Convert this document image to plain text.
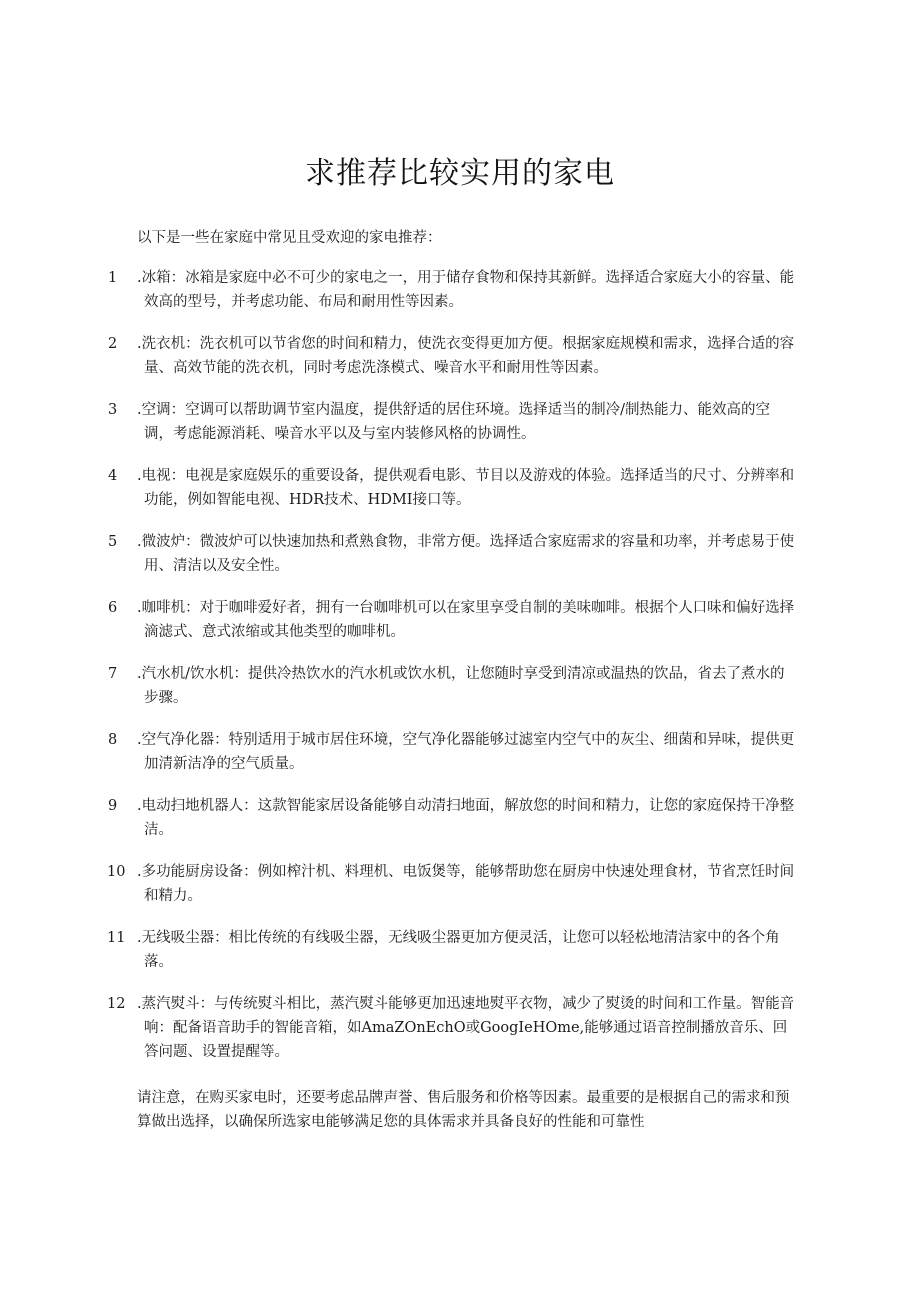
求推荐比较实用的家电

以下是一些在家庭中常见且受欢迎的家电推荐：

1 .冰箱：冰箱是家庭中必不可少的家电之一，用于储存食物和保持其新鲜。选择适合家庭大小的容量、能效高的型号，并考虑功能、布局和耐用性等因素。
2 .洗衣机：洗衣机可以节省您的时间和精力，使洗衣变得更加方便。根据家庭规模和需求，选择合适的容量、高效节能的洗衣机，同时考虑洗涤模式、噪音水平和耐用性等因素。
3 .空调：空调可以帮助调节室内温度，提供舒适的居住环境。选择适当的制冷/制热能力、能效高的空调，考虑能源消耗、噪音水平以及与室内装修风格的协调性。
4 .电视：电视是家庭娱乐的重要设备，提供观看电影、节目以及游戏的体验。选择适当的尺寸、分辨率和功能，例如智能电视、HDR技术、HDMI接口等。
5 .微波炉：微波炉可以快速加热和煮熟食物，非常方便。选择适合家庭需求的容量和功率，并考虑易于使用、清洁以及安全性。
6 .咖啡机：对于咖啡爱好者，拥有一台咖啡机可以在家里享受自制的美味咖啡。根据个人口味和偏好选择滴滤式、意式浓缩或其他类型的咖啡机。
7 .汽水机/饮水机：提供冷热饮水的汽水机或饮水机，让您随时享受到清凉或温热的饮品，省去了煮水的步骤。
8 .空气净化器：特别适用于城市居住环境，空气净化器能够过滤室内空气中的灰尘、细菌和异味，提供更加清新洁净的空气质量。
9 .电动扫地机器人：这款智能家居设备能够自动清扫地面，解放您的时间和精力，让您的家庭保持干净整洁。
10 .多功能厨房设备：例如榨汁机、料理机、电饭煲等，能够帮助您在厨房中快速处理食材，节省烹饪时间和精力。
11 .无线吸尘器：相比传统的有线吸尘器，无线吸尘器更加方便灵活，让您可以轻松地清洁家中的各个角落。
12 .蒸汽熨斗：与传统熨斗相比，蒸汽熨斗能够更加迅速地熨平衣物，减少了熨烫的时间和工作量。智能音响：配备语音助手的智能音箱，如AmaZOnEchO或GoogIeHOme,能够通过语音控制播放音乐、回答问题、设置提醒等。

请注意，在购买家电时，还要考虑品牌声誉、售后服务和价格等因素。最重要的是根据自己的需求和预算做出选择，以确保所选家电能够满足您的具体需求并具备良好的性能和可靠性
